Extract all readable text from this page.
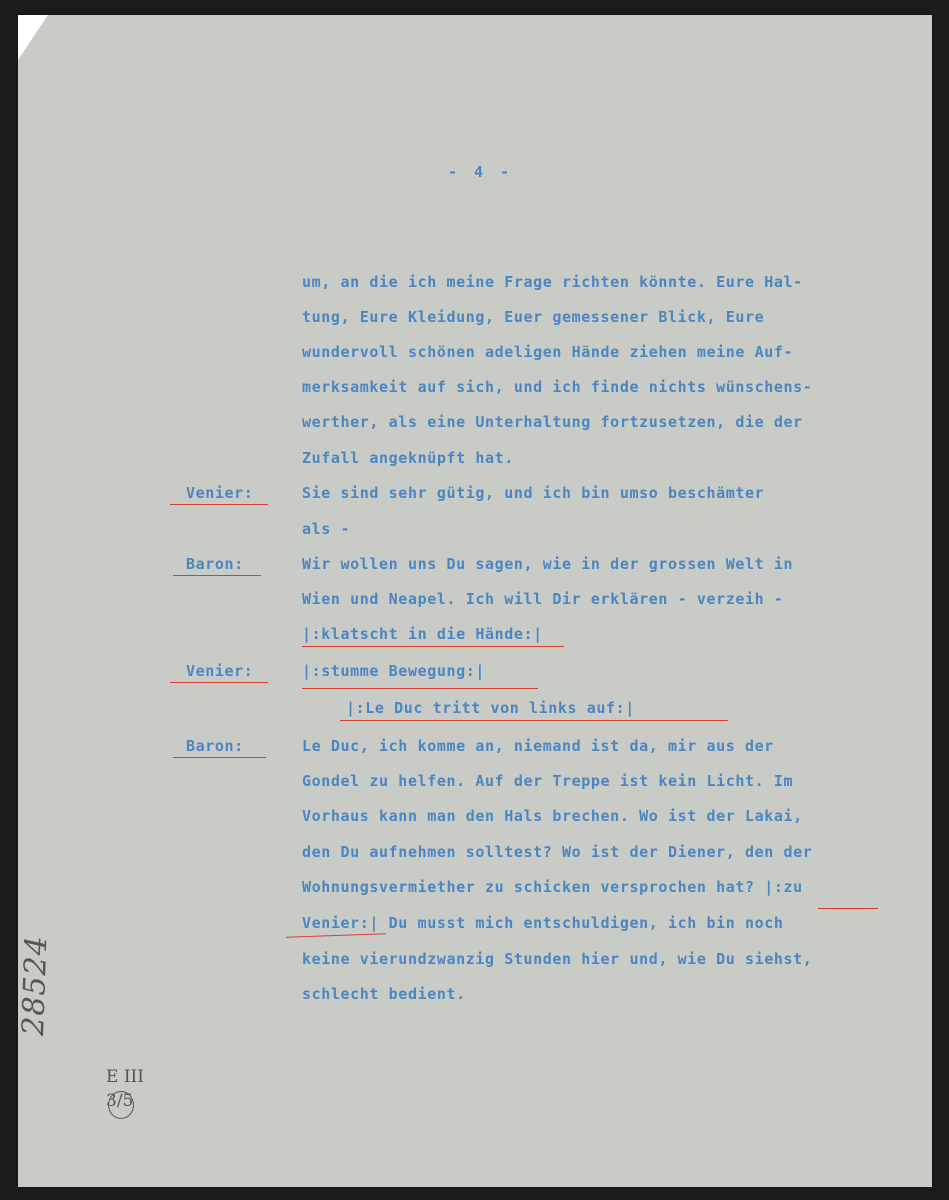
- 4 -
um, an die ich meine Frage richten könnte. Eure Hal-
tung, Eure Kleidung, Euer gemessener Blick, Eure
wundervoll schönen adeligen Hände ziehen meine Auf-
merksamkeit auf sich, und ich finde nichts wünschens-
werther, als eine Unterhaltung fortzusetzen, die der
Zufall angeknüpft hat.
Venier:	Sie sind sehr gütig, und ich bin umso beschämter
als -
Baron:	Wir wollen uns Du sagen, wie in der grossen Welt in
Wien und Neapel. Ich will Dir erklären - verzeih -
|:klatscht in die Hände:|
Venier:	|:stumme Bewegung:|
|:Le Duc tritt von links auf:|
Baron:	Le Duc, ich komme an, niemand ist da, mir aus der
Gondel zu helfen. Auf der Treppe ist kein Licht. Im
Vorhaus kann man den Hals brechen. Wo ist der Lakai,
den Du aufnehmen solltest? Wo ist der Diener, den der
Wohnungsvermiether zu schicken versprochen hat? |:zu
Venier:| Du musst mich entschuldigen, ich bin noch
keine vierundzwanzig Stunden hier und, wie Du siehst,
schlecht bedient.
28524
E III
3/5
